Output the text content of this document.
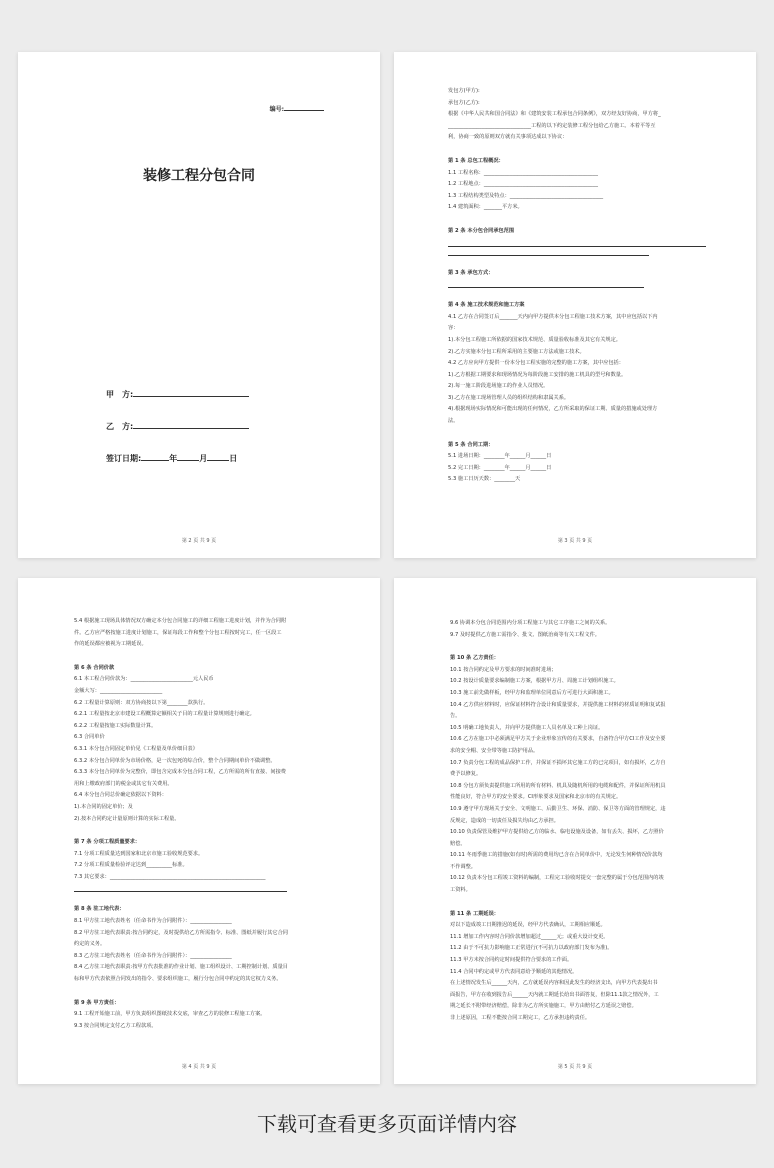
编号:
装修工程分包合同
甲　方:
乙　方:
签订日期:	年	月	日
第 2 页 共 9 页
发包方(甲方):
承包方(乙方):
根据《中华人民共和国合同法》和《建筑安装工程承包合同条例》，双方经友好协商，甲方将_
________________________________工程的以下约定装修工程分包给乙方施工。本着平等互
利，协商一致的原则双方就有关事项达成以下协议：
第 1 条 总包工程概况：
1.1 工程名称：____________________________________________
1.2 工程地点：____________________________________________
1.3 工程结构类型及特点：____________________________________
1.4 建筑面积：_______平方米。
第 2 条 本分包合同承包范围
第 3 条 承包方式：
第 4 条 施工技术规范和施工方案
4.1 乙方在合同签订后_______天内向甲方提供本分包工程施工技术方案，其中应包括以下内
容：
1).本分包工程施工所依据的国家技术规范、质量验收标准及其它有关规定。
2).乙方实施本分包工程所采用的主要施工方法或施工技术。
4.2 乙方应向甲方提供一份本分包工程实施的完整的施工方案，其中应包括：
1).乙方根据工期要求和现场情况为每阶段施工安排的施工机具的型号和数量。
2).每一施工阶段进场施工的作业人员情况。
3).乙方在施工现场管理人员的组织结构和隶属关系。
4).根据现场实际情况和可能出现的任何情况，乙方所采取的保证工期、质量的措施或处理方
法。
第 5 条 合同工期：
5.1 进场日期：________年______月______日
5.2 完工日期：________年______月______日
5.3 施工日历天数：________天
第 3 页 共 9 页
5.4 根据施工现场具体情况双方确定本分包合同施工的详细工程施工进度计划，并作为合同附
件。乙方应严格按施工进度计划施工，保证每段工作和整个分包工程按时完工，任一区段工
作的延误都应被视为工期延误。
第 6 条 合同价款
6.1 本工程合同价款为：________________________元人民币
金额大写：________________________
6.2 工程量计算原则：双方协商按以下第________款执行。
6.2.1 工程量按北京市建设工程概算定额相关子目的工程量计算规则进行确定。
6.2.2 工程量按施工实际数量计算。
6.3 合同单价
6.3.1 本分包合同固定单价见《工程量及单价细目表》
6.3.2 本分包合同单价为市场价格，是一次包死的综合价，整个合同期间单价不做调整。
6.3.3 本分包合同单价为完整价，即包含完成本分包合同工程，乙方所需的所有直接、间接费
用和上缴政府部门的税金或其它有关费用。
6.4 本分包合同总价确定依据以下资料：
1).本合同的固定单价；及
2).按本合同约定计量原则计算的实际工程量。
第 7 条 分项工程质量要求：
7.1 分项工程质量达到国家和北京市施工验收规范要求。
7.2 分项工程质量检验评定达到__________标准。
7.3 其它要求：____________________________________________________________
第 8 条 驻工地代表：
8.1 甲方驻工地代表姓名（任命书作为合同附件）：________________
8.2 甲方驻工地代表职责:按合同约定，及时提供给乙方所需指令、标准、图纸并履行其它合同
约定的义务。
8.3 乙方驻工地代表姓名（任命书作为合同附件）：________________
8.4 乙方驻工地代表职责:按甲方代表批准的作业计划、施工组织设计、工期控制计划、质量目
标和甲方代表依照合同发出的指令、要求组织施工，履行分包合同中约定的其它权力义务。
第 9 条 甲方责任：
9.1 工程开始施工前，甲方负责组织图纸技术交底，审查乙方的装修工程施工方案。
9.3 按合同规定支付乙方工程款项。
第 4 页 共 9 页
9.6 协调本分包合同范围内分项工程施工与其它工序施工之间的关系。
9.7 及时提供乙方施工需指令、批文、图纸治商等有关工程文件。
第 10 条 乙方责任：
10.1 按合同约定及甲方要求的时间准时进场；
10.2 按设计质量要求编制施工方案，根据甲方月、周施工计划组织施工。
10.3 施工前先做样板，经甲方和监理单位同意后方可进行大面积施工。
10.4 乙方供应材料时，应保证材料符合设计和质量要求，并提供施工材料的材质证明和复试报
告。
10.5 明确工地负责人，并向甲方提供施工人员名单及工种上岗证。
10.6 乙方在施工中必须满足甲方关于企业形象宣传的有关要求，自备符合甲方CI工作及安全要
求的安全帽、安全带等施工防护用品。
10.7 负责分包工程的成品保护工作，并保证不损坏其它施工方的已完项目，如有损坏，乙方自
费予以修复。
10.8 分包方须负责提供施工所用的所有材料、机具及随机所用的电缆和配件，并保证所用机具
性能良好，符合甲方的安全要求。CI形象要求及国家和北京市的有关规定。
10.9 遵守甲方现场关于安全、文明施工、后勤卫生、环保、消防、保卫等方面的管理规定，违
反规定，造成的一切责任及损失均由乙方承担。
10.10 负责保管及维护甲方提供给乙方的临水、临电设施及设备，如有丢失、损坏，乙方照价
赔偿。
10.11 冬雨季施工的措施(如有时)所需的费用均已含在合同单价中，无论发生何种情况价款均
不作调整。
10.12 负责本分包工程竣工资料的编制，工程完工验收时提交一套完整的属于分包范围内的竣
工资料。
第 11 条 工期延误：
对以下造成竣工日期推迟的延误，经甲方代表确认，工期相应顺延。
11.1 增加工作内容时合同价款增加超过______元；或重大设计变更。
11.2 由于不可抗力影响施工正常进行(不可抗力以政府部门发布为准)。
11.3 甲方未按合同约定时间提供符合要求的工作面。
11.4 合同中约定或甲方代表同意给予顺延的其他情况。
在上述情况发生后______天内，乙方就延误内容和因此发生的经济支出，向甲方代表提出书
面报告，甲方在收到报告后______天内就工期延长给出书面答复，但除11.1款之情况外，工
期之延长不附带经济赔偿，除非为乙方所实施施工，甲方由赔付乙方延误之赔偿。
非上述原因，工程不能按合同工期完工，乙方承担违约责任。
第 5 页 共 9 页
下载可查看更多页面详情内容
